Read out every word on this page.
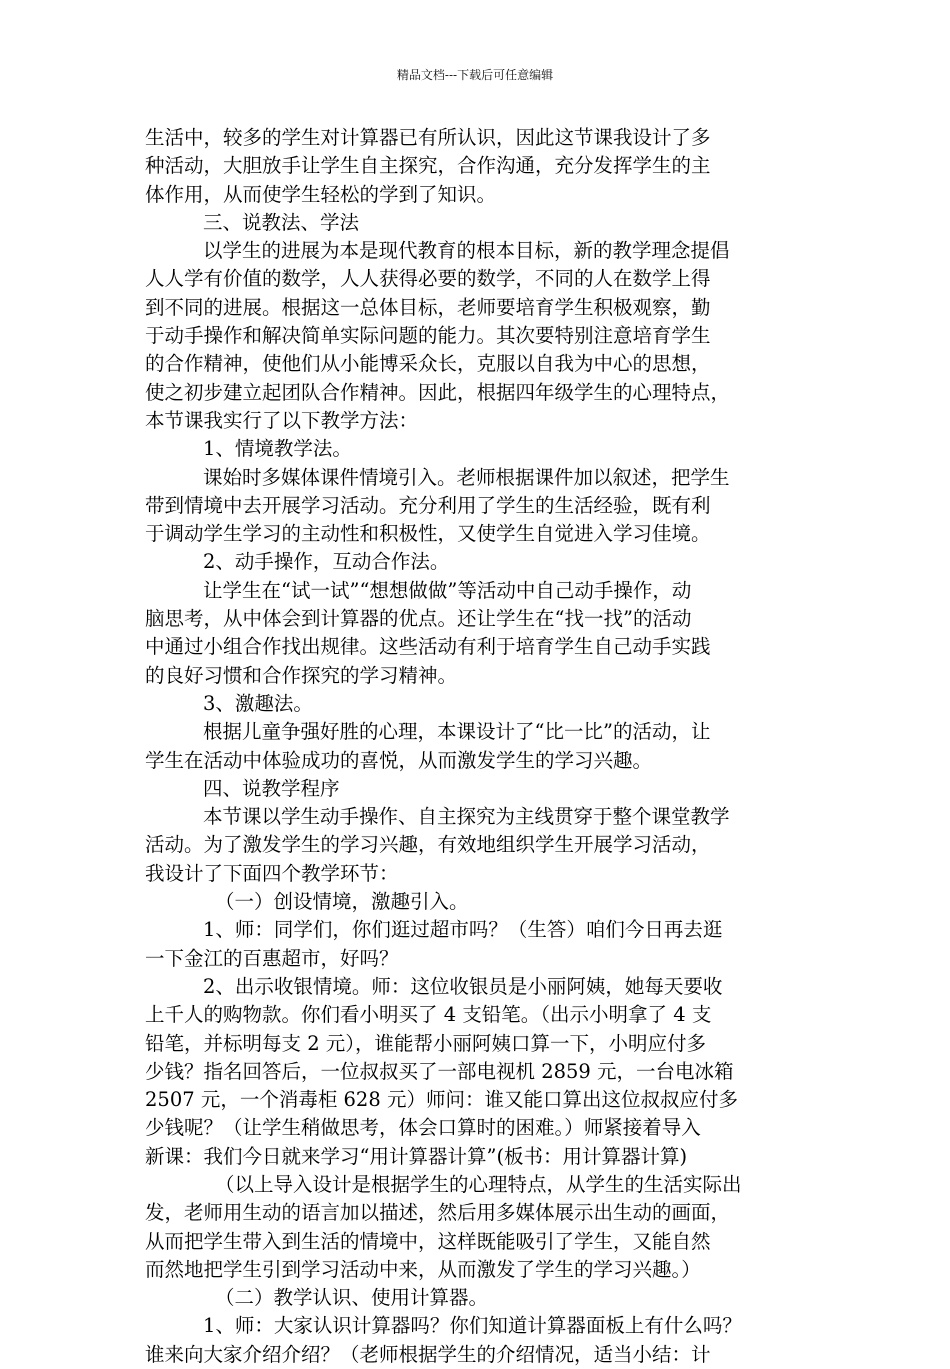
精品文档---下载后可任意编辑
生活中，较多的学生对计算器已有所认识，因此这节课我设计了多
种活动，大胆放手让学生自主探究，合作沟通，充分发挥学生的主
体作用，从而使学生轻松的学到了知识。
三、说教法、学法
以学生的进展为本是现代教育的根本目标，新的教学理念提倡
人人学有价值的数学，人人获得必要的数学，不同的人在数学上得
到不同的进展。根据这一总体目标，老师要培育学生积极观察，勤
于动手操作和解决简单实际问题的能力。其次要特别注意培育学生
的合作精神，使他们从小能博采众长，克服以自我为中心的思想，
使之初步建立起团队合作精神。因此，根据四年级学生的心理特点，
本节课我实行了以下教学方法：
1、情境教学法。
课始时多媒体课件情境引入。老师根据课件加以叙述，把学生
带到情境中去开展学习活动。充分利用了学生的生活经验，既有利
于调动学生学习的主动性和积极性，又使学生自觉进入学习佳境。
2、动手操作，互动合作法。
让学生在“试一试”“想想做做”等活动中自己动手操作，动
脑思考，从中体会到计算器的优点。还让学生在“找一找”的活动
中通过小组合作找出规律。这些活动有利于培育学生自己动手实践
的良好习惯和合作探究的学习精神。
3、激趣法。
根据儿童争强好胜的心理，本课设计了“比一比”的活动，让
学生在活动中体验成功的喜悦，从而激发学生的学习兴趣。
四、说教学程序
本节课以学生动手操作、自主探究为主线贯穿于整个课堂教学
活动。为了激发学生的学习兴趣，有效地组织学生开展学习活动，
我设计了下面四个教学环节：
（一）创设情境，激趣引入。
1、师：同学们，你们逛过超市吗？（生答）咱们今日再去逛
一下金江的百惠超市，好吗？
2、出示收银情境。师：这位收银员是小丽阿姨，她每天要收
上千人的购物款。你们看小明买了 4 支铅笔。（出示小明拿了 4 支
铅笔，并标明每支 2 元），谁能帮小丽阿姨口算一下，小明应付多
少钱？指名回答后，一位叔叔买了一部电视机 2859 元，一台电冰箱
2507 元，一个消毒柜 628 元）师问：谁又能口算出这位叔叔应付多
少钱呢？（让学生稍做思考，体会口算时的困难。）师紧接着导入
新课：我们今日就来学习“用计算器计算”(板书：用计算器计算)
（以上导入设计是根据学生的心理特点，从学生的生活实际出
发，老师用生动的语言加以描述，然后用多媒体展示出生动的画面，
从而把学生带入到生活的情境中，这样既能吸引了学生，又能自然
而然地把学生引到学习活动中来，从而激发了学生的学习兴趣。）
（二）教学认识、使用计算器。
1、师：大家认识计算器吗？你们知道计算器面板上有什么吗？
谁来向大家介绍介绍？（老师根据学生的介绍情况，适当小结：计
